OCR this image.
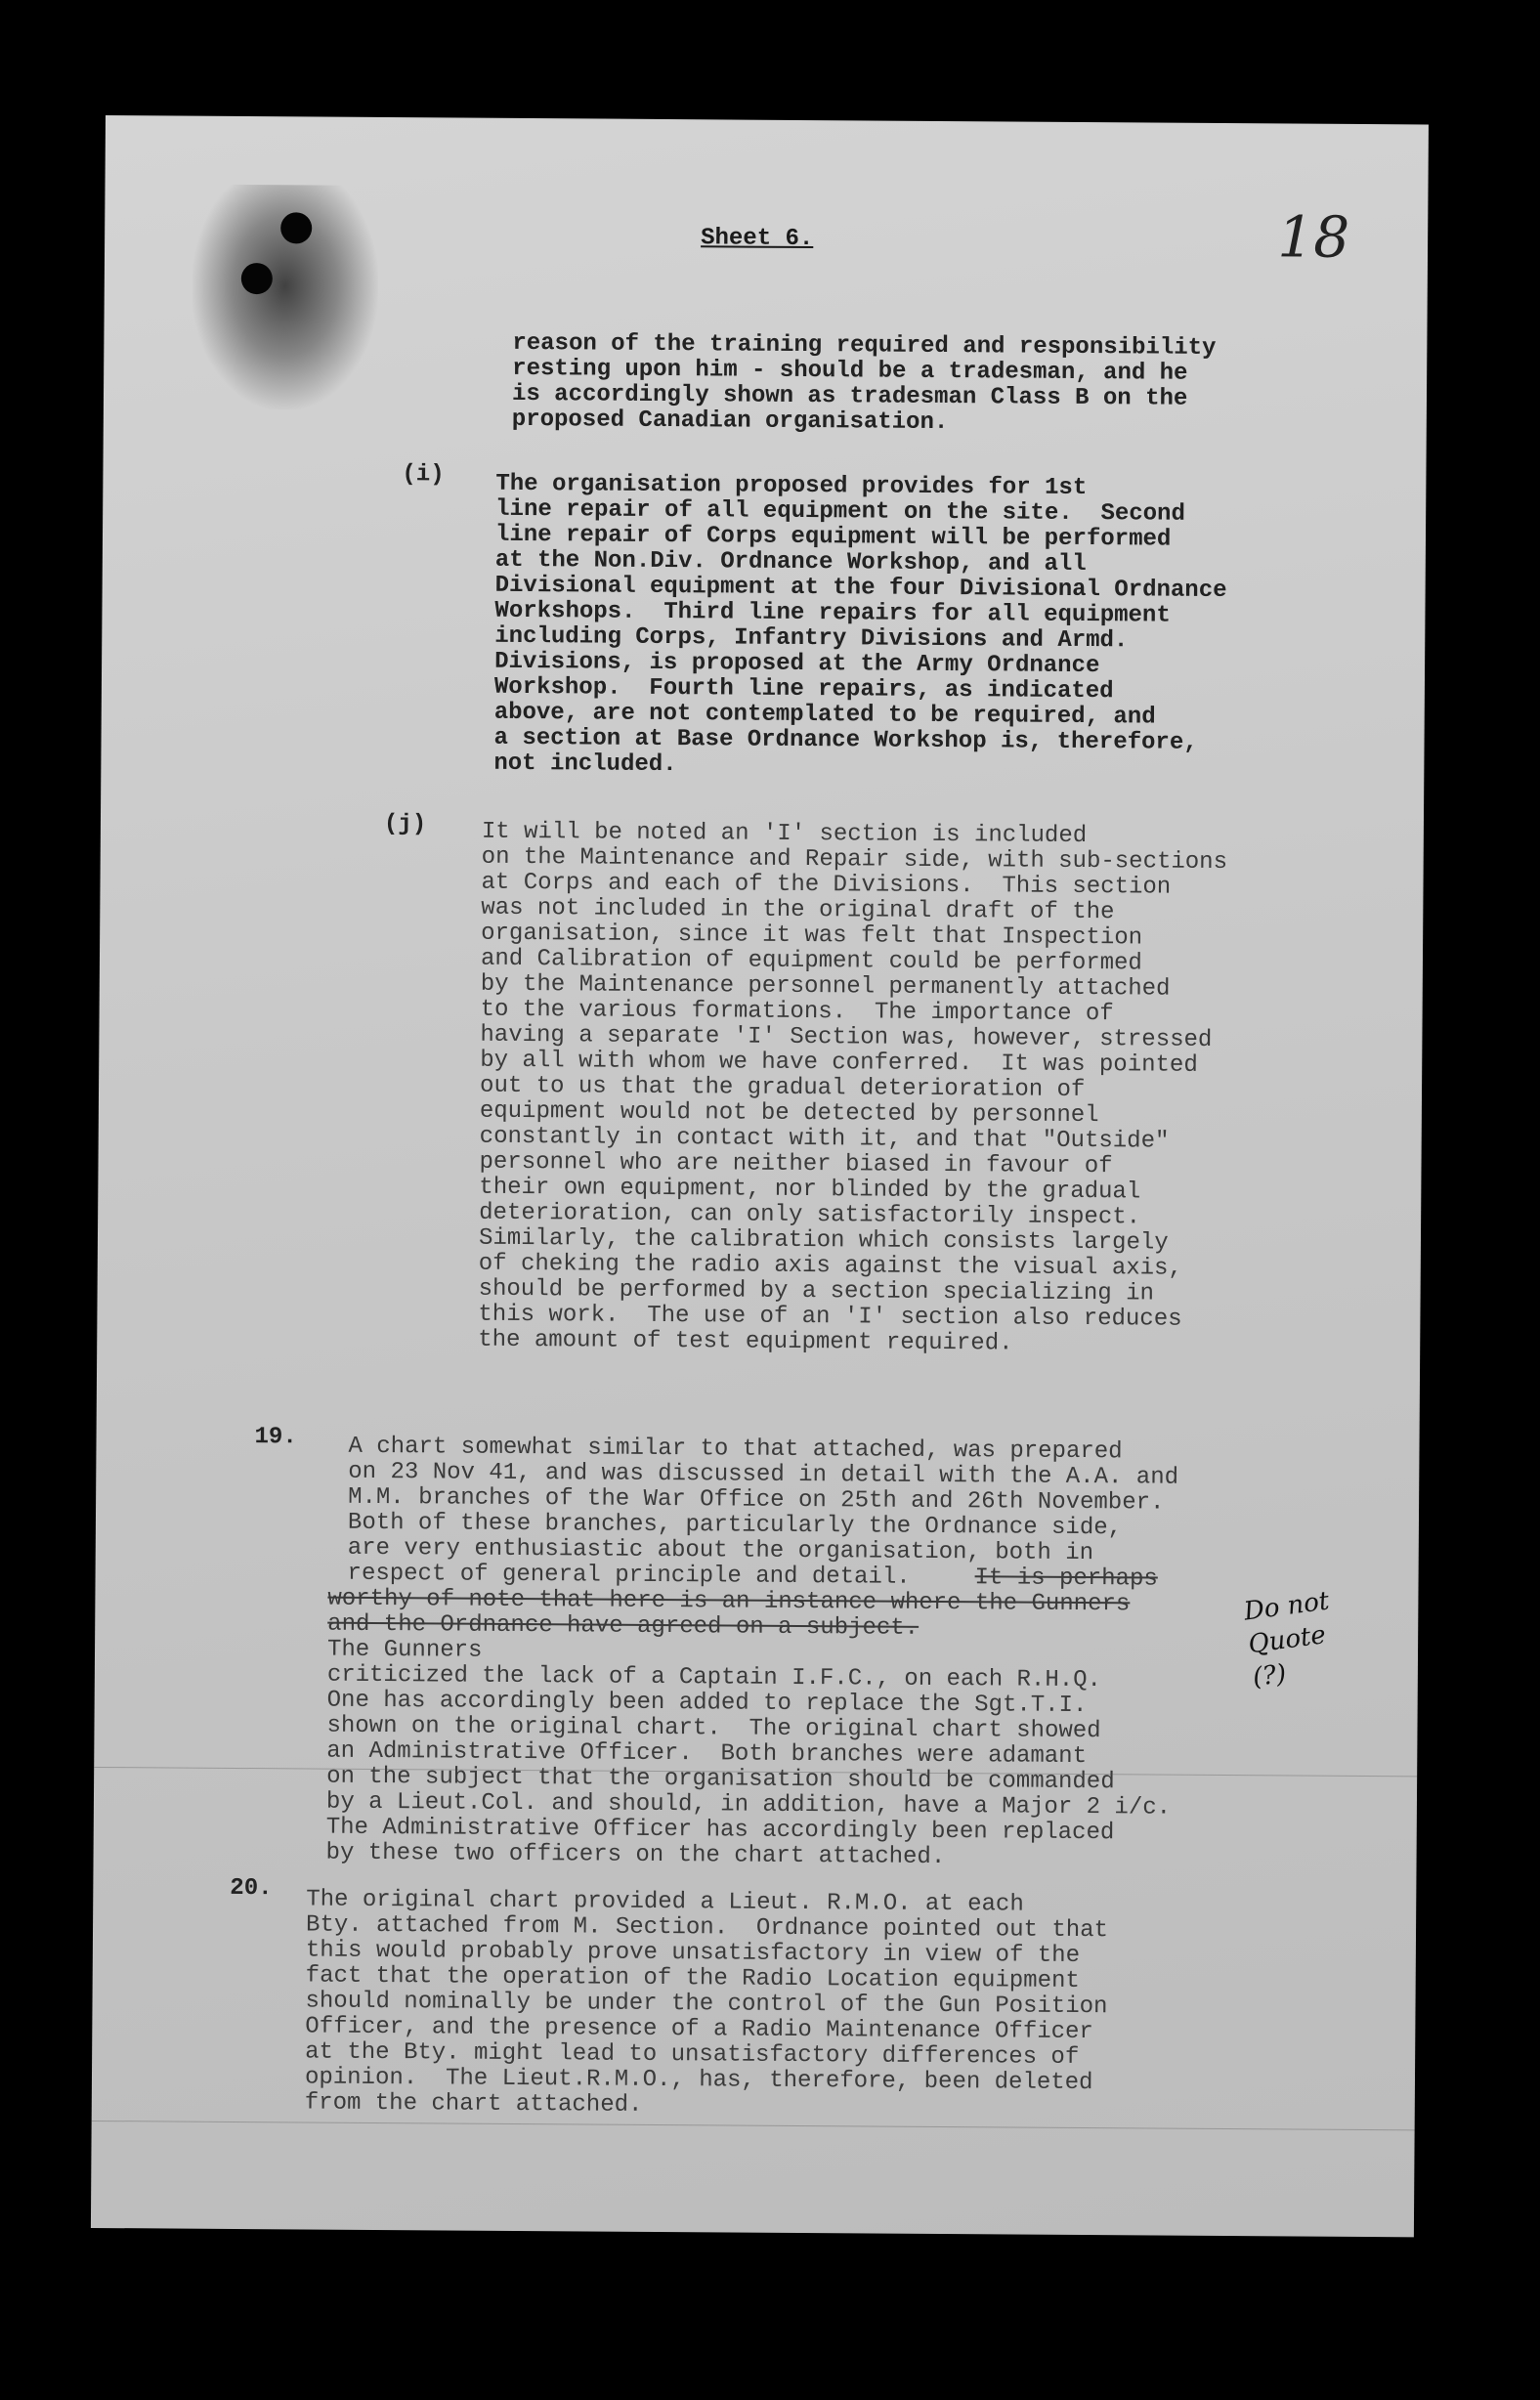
18
Sheet 6.
reason of the training required and responsibility
resting upon him - should be a tradesman, and he
is accordingly shown as tradesman Class B on the
proposed Canadian organisation.
(i) The organisation proposed provides for 1st
line repair of all equipment on the site.  Second
line repair of Corps equipment will be performed
at the Non.Div. Ordnance Workshop, and all
Divisional equipment at the four Divisional Ordnance
Workshops.  Third line repairs for all equipment
including Corps, Infantry Divisions and Armd.
Divisions, is proposed at the Army Ordnance
Workshop.  Fourth line repairs, as indicated
above, are not contemplated to be required, and
a section at Base Ordnance Workshop is, therefore,
not included.
(j) It will be noted an 'I' section is included
on the Maintenance and Repair side, with sub-sections
at Corps and each of the Divisions.  This section
was not included in the original draft of the
organisation, since it was felt that Inspection
and Calibration of equipment could be performed
by the Maintenance personnel permanently attached
to the various formations.  The importance of
having a separate 'I' Section was, however, stressed
by all with whom we have conferred.  It was pointed
out to us that the gradual deterioration of
equipment would not be detected by personnel
constantly in contact with it, and that "Outside"
personnel who are neither biased in favour of
their own equipment, nor blinded by the gradual
deterioration, can only satisfactorily inspect.
Similarly, the calibration which consists largely
of cheking the radio axis against the visual axis,
should be performed by a section specializing in
this work.  The use of an 'I' section also reduces
the amount of test equipment required.
19. A chart somewhat similar to that attached, was prepared
on 23 Nov 41, and was discussed in detail with the A.A. and
M.M. branches of the War Office on 25th and 26th November.
Both of these branches, particularly the Ordnance side,
are very enthusiastic about the organisation, both in
respect of general principle and detail.	It is perhaps
worthy of note that here is an instance where the Gunners
and the Ordnance have agreed on a subject.
The Gunners
criticized the lack of a Captain I.F.C., on each R.H.Q.
One has accordingly been added to replace the Sgt.T.I.
shown on the original chart.  The original chart showed
an Administrative Officer.  Both branches were adamant
on the subject that the organisation should be commanded
by a Lieut.Col. and should, in addition, have a Major 2 i/c.
The Administrative Officer has accordingly been replaced
by these two officers on the chart attached.
Do not
Quote
(?)
20. The original chart provided a Lieut. R.M.O. at each
Bty. attached from M. Section.  Ordnance pointed out that
this would probably prove unsatisfactory in view of the
fact that the operation of the Radio Location equipment
should nominally be under the control of the Gun Position
Officer, and the presence of a Radio Maintenance Officer
at the Bty. might lead to unsatisfactory differences of
opinion.  The Lieut.R.M.O., has, therefore, been deleted
from the chart attached.
